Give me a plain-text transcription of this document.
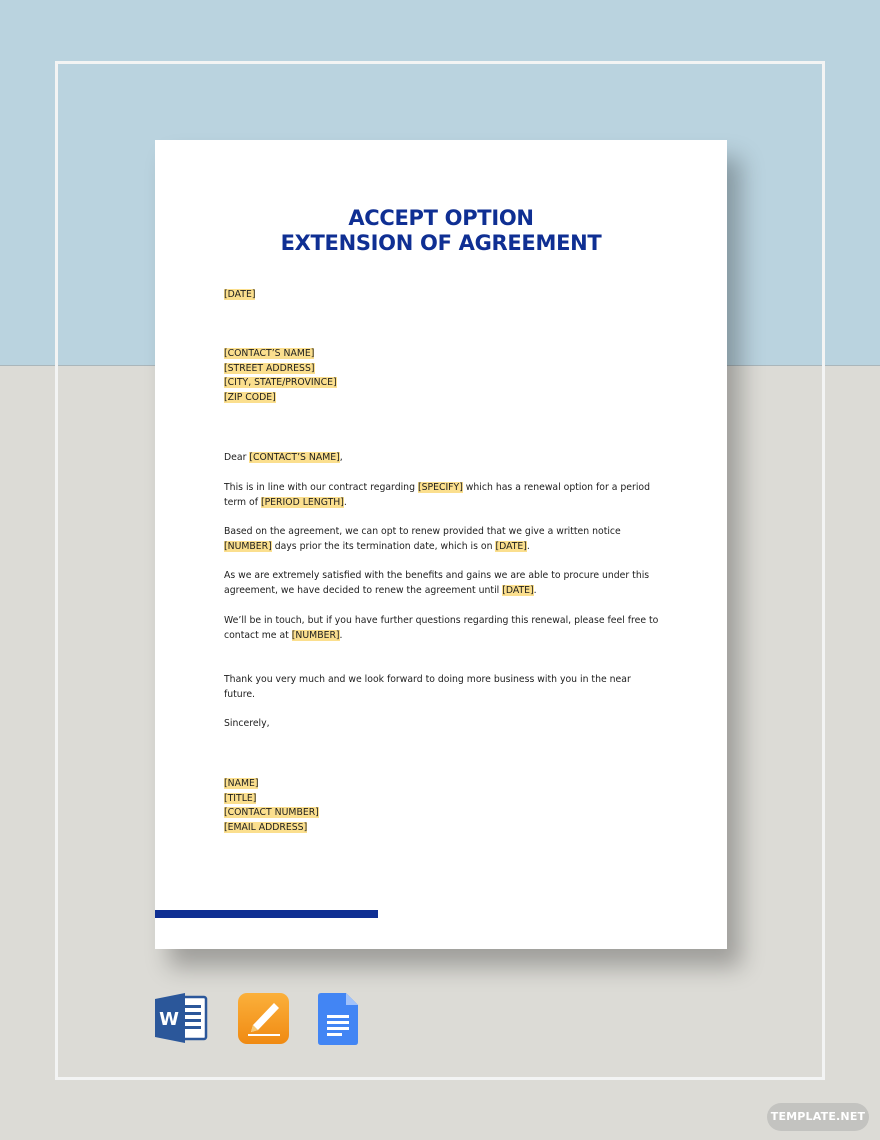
ACCEPT OPTION
EXTENSION OF AGREEMENT
[DATE]
[CONTACT’S NAME]
[STREET ADDRESS]
[CITY, STATE/PROVINCE]
[ZIP CODE]
Dear [CONTACT’S NAME],
This is in line with our contract regarding [SPECIFY] which has a renewal option for a period term of [PERIOD LENGTH].
Based on the agreement, we can opt to renew provided that we give a written notice [NUMBER] days prior the its termination date, which is on [DATE].
As we are extremely satisfied with the benefits and gains we are able to procure under this agreement, we have decided to renew the agreement until [DATE].
We’ll be in touch, but if you have further questions regarding this renewal, please feel free to contact me at [NUMBER].
Thank you very much and we look forward to doing more business with you in the near future.
Sincerely,
[NAME]
[TITLE]
[CONTACT NUMBER]
[EMAIL ADDRESS]
W
TEMPLATE.NET
